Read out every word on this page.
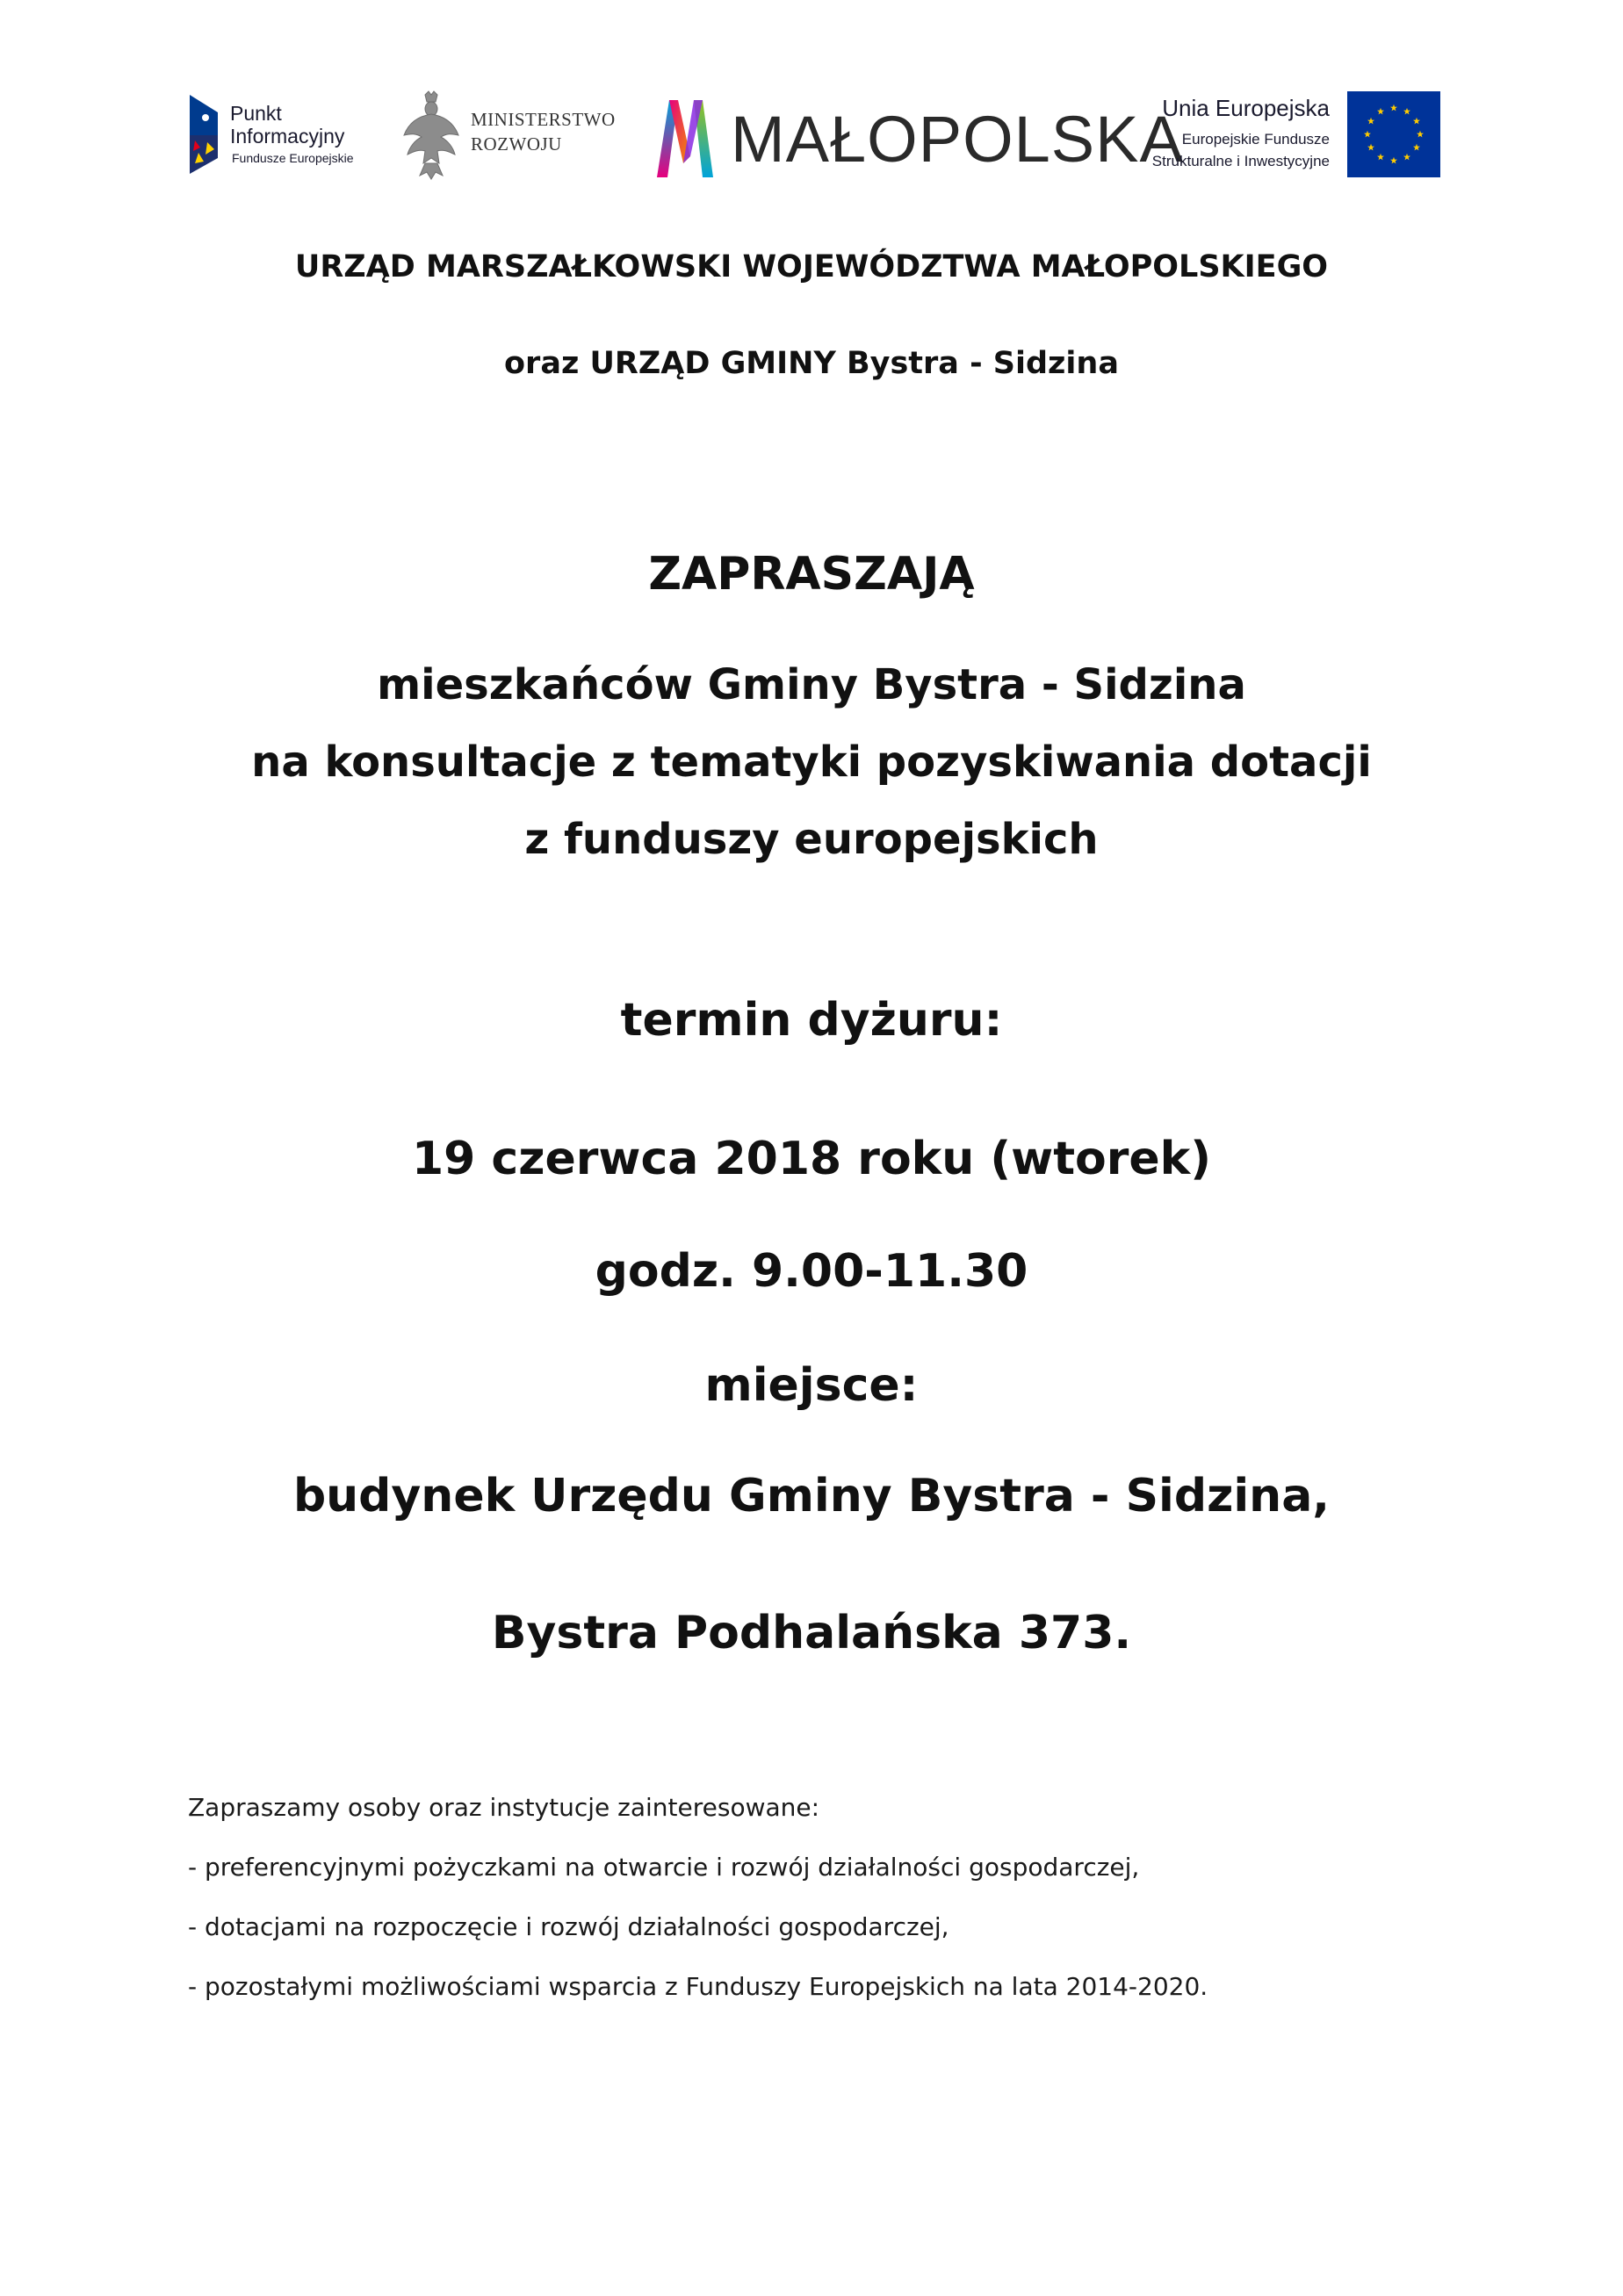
Punkt
Informacyjny
Fundusze Europejskie
MINISTERSTWO
ROZWOJU	MAŁOPOLSKA
Unia Europejska
Europejskie Fundusze
Strukturalne i Inwestycyjne
URZĄD MARSZAŁKOWSKI WOJEWÓDZTWA MAŁOPOLSKIEGO
oraz URZĄD GMINY Bystra - Sidzina
ZAPRASZAJĄ
mieszkańców Gminy Bystra - Sidzina
na konsultacje z tematyki pozyskiwania dotacji
z funduszy europejskich
termin dyżuru:
19 czerwca 2018 roku (wtorek)
godz. 9.00-11.30
miejsce:
budynek Urzędu Gminy Bystra - Sidzina,
Bystra Podhalańska 373.
Zapraszamy osoby oraz instytucje zainteresowane:
- preferencyjnymi pożyczkami na otwarcie i rozwój działalności gospodarczej,
- dotacjami na rozpoczęcie i rozwój działalności gospodarczej,
- pozostałymi możliwościami wsparcia z Funduszy Europejskich na lata 2014-2020.
